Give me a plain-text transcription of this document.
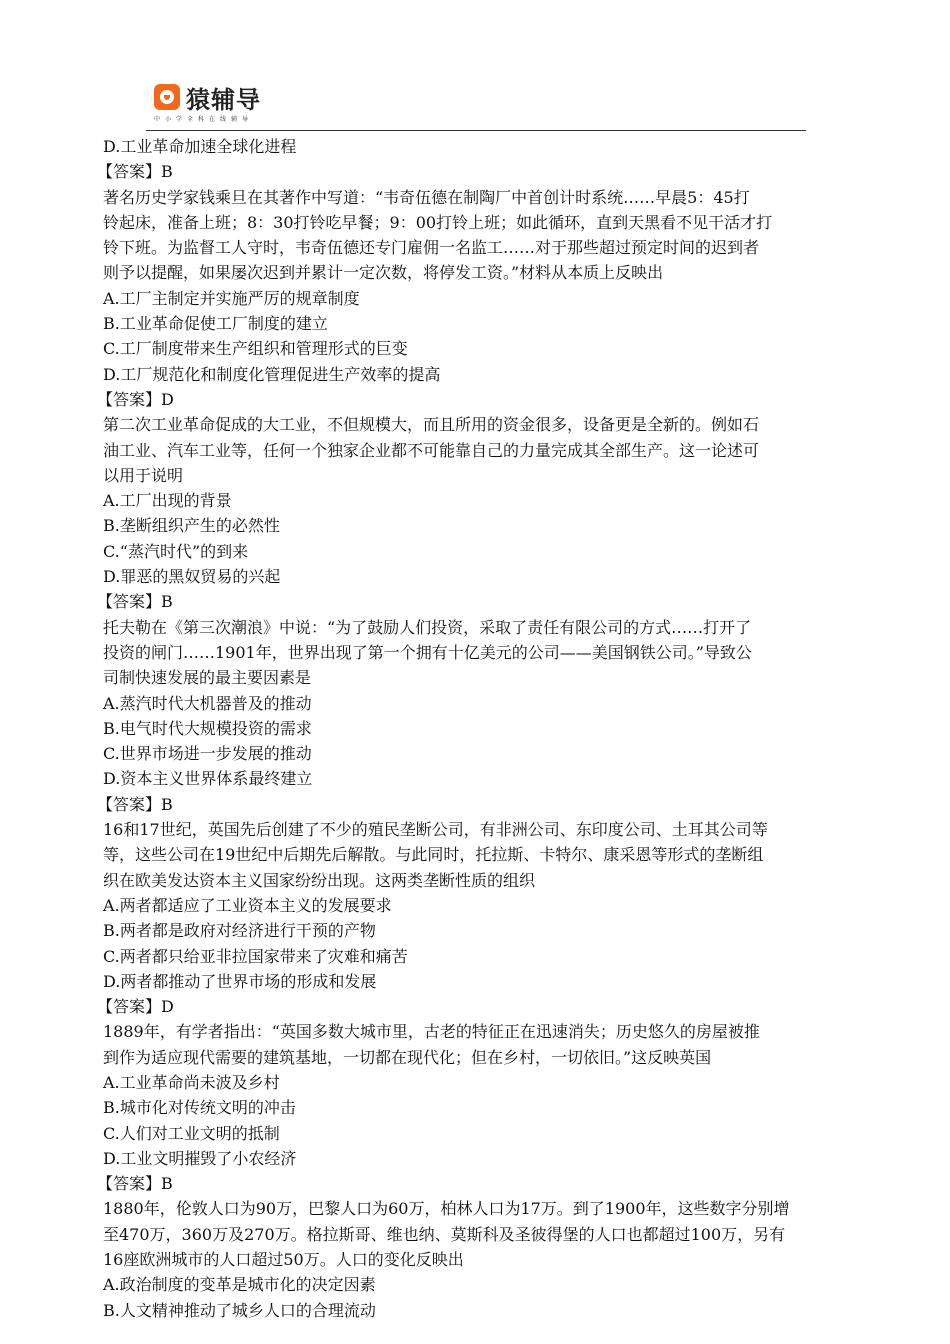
猿辅导
中小学全科在线辅导
D.工业革命加速全球化进程
【答案】B
著名历史学家钱乘旦在其著作中写道：“韦奇伍德在制陶厂中首创计时系统……早晨5：45打
铃起床，准备上班；8：30打铃吃早餐；9：00打铃上班；如此循环，直到天黑看不见干活才打
铃下班。为监督工人守时，韦奇伍德还专门雇佣一名监工……对于那些超过预定时间的迟到者
则予以提醒，如果屡次迟到并累计一定次数，将停发工资。”材料从本质上反映出
A.工厂主制定并实施严厉的规章制度
B.工业革命促使工厂制度的建立
C.工厂制度带来生产组织和管理形式的巨变
D.工厂规范化和制度化管理促进生产效率的提高
【答案】D
第二次工业革命促成的大工业，不但规模大，而且所用的资金很多，设备更是全新的。例如石
油工业、汽车工业等，任何一个独家企业都不可能靠自己的力量完成其全部生产。这一论述可
以用于说明
A.工厂出现的背景
B.垄断组织产生的必然性
C.“蒸汽时代”的到来
D.罪恶的黑奴贸易的兴起
【答案】B
托夫勒在《第三次潮浪》中说：“为了鼓励人们投资，采取了责任有限公司的方式……打开了
投资的闸门……1901年，世界出现了第一个拥有十亿美元的公司——美国钢铁公司。”导致公
司制快速发展的最主要因素是
A.蒸汽时代大机器普及的推动
B.电气时代大规模投资的需求
C.世界市场进一步发展的推动
D.资本主义世界体系最终建立
【答案】B
16和17世纪，英国先后创建了不少的殖民垄断公司，有非洲公司、东印度公司、土耳其公司等
等，这些公司在19世纪中后期先后解散。与此同时，托拉斯、卡特尔、康采恩等形式的垄断组
织在欧美发达资本主义国家纷纷出现。这两类垄断性质的组织
A.两者都适应了工业资本主义的发展要求
B.两者都是政府对经济进行干预的产物
C.两者都只给亚非拉国家带来了灾难和痛苦
D.两者都推动了世界市场的形成和发展
【答案】D
1889年，有学者指出：“英国多数大城市里，古老的特征正在迅速消失；历史悠久的房屋被推
到作为适应现代需要的建筑基地，一切都在现代化；但在乡村，一切依旧。”这反映英国
A.工业革命尚未波及乡村
B.城市化对传统文明的冲击
C.人们对工业文明的抵制
D.工业文明摧毁了小农经济
【答案】B
1880年，伦敦人口为90万，巴黎人口为60万，柏林人口为17万。到了1900年，这些数字分别增
至470万，360万及270万。格拉斯哥、维也纳、莫斯科及圣彼得堡的人口也都超过100万，另有
16座欧洲城市的人口超过50万。人口的变化反映出
A.政治制度的变革是城市化的决定因素
B.人文精神推动了城乡人口的合理流动
